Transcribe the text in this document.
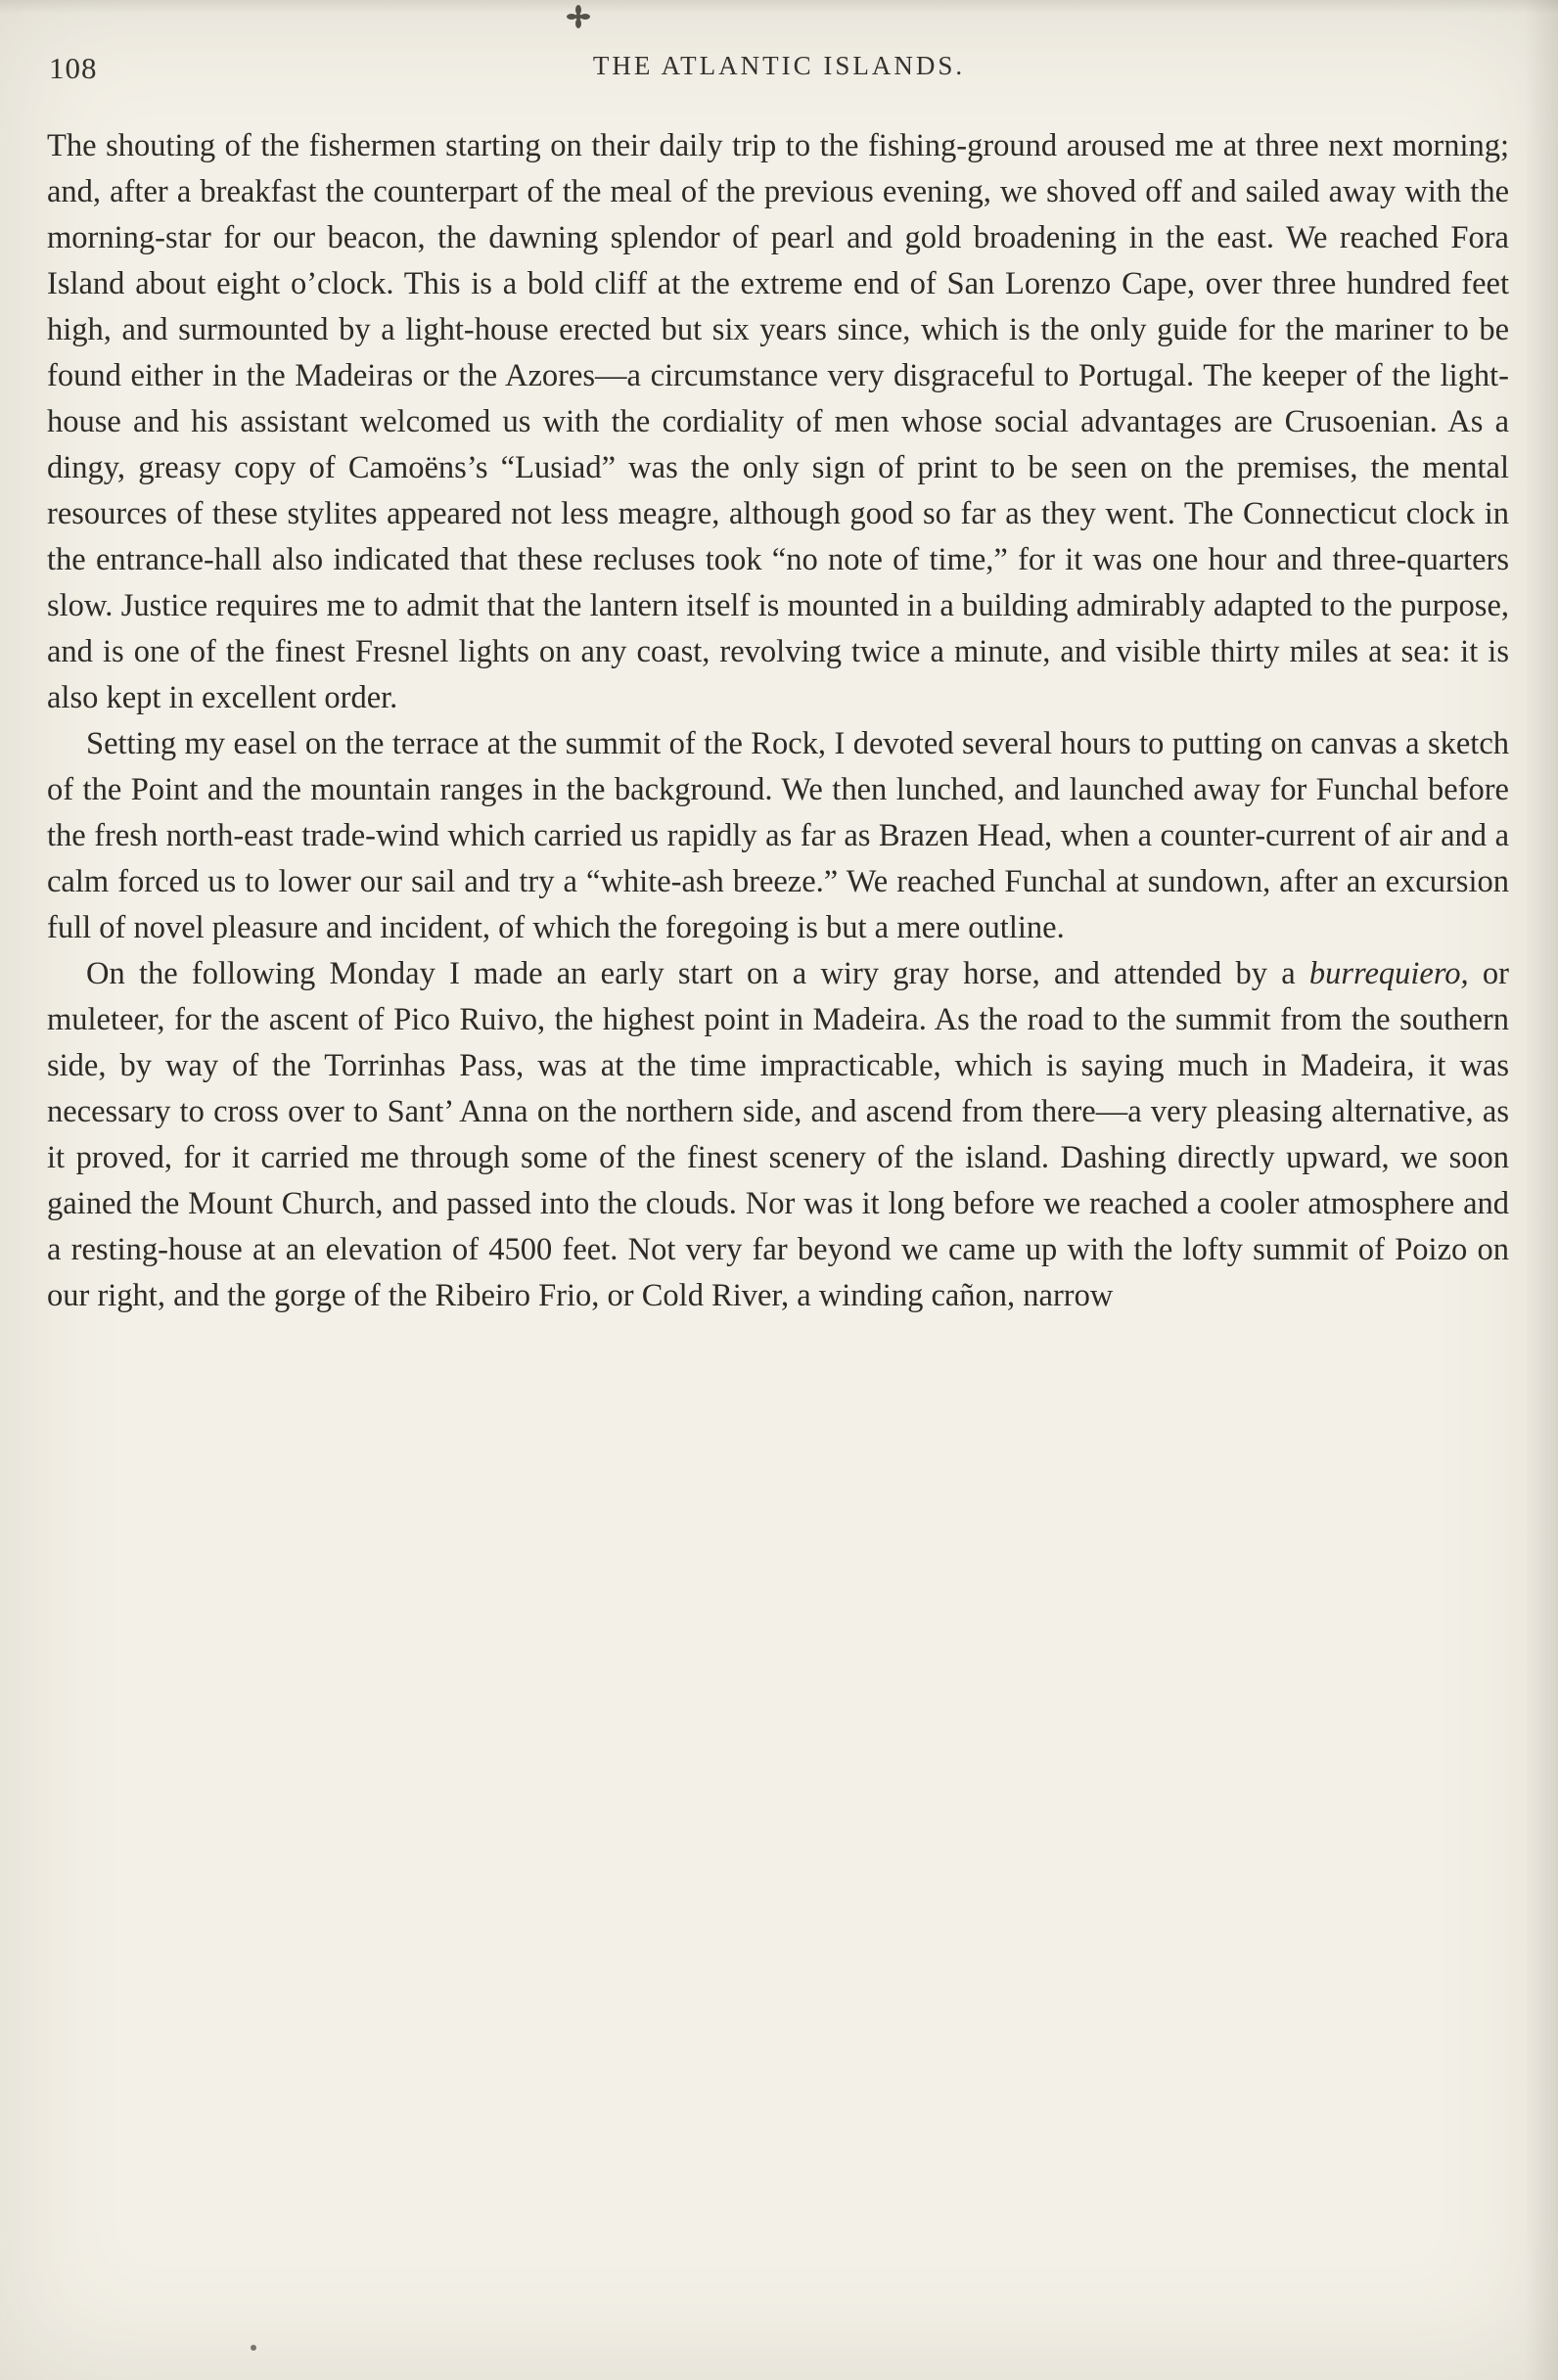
THE ATLANTIC ISLANDS.
108

The shouting of the fishermen starting on their daily trip to the fishing-ground aroused me at three next morning; and, after a breakfast the counterpart of the meal of the previous evening, we shoved off and sailed away with the morning-star for our beacon, the dawning splendor of pearl and gold broadening in the east. We reached Fora Island about eight o’clock. This is a bold cliff at the extreme end of San Lorenzo Cape, over three hundred feet high, and surmounted by a light-house erected but six years since, which is the only guide for the mariner to be found either in the Madeiras or the Azores—a circumstance very disgraceful to Portugal. The keeper of the light-house and his assistant welcomed us with the cordiality of men whose social advantages are Crusoenian. As a dingy, greasy copy of Camoëns’s “Lusiad” was the only sign of print to be seen on the premises, the mental resources of these stylites appeared not less meagre, although good so far as they went. The Connecticut clock in the entrance-hall also indicated that these recluses took “no note of time,” for it was one hour and three-quarters slow. Justice requires me to admit that the lantern itself is mounted in a building admirably adapted to the purpose, and is one of the finest Fresnel lights on any coast, revolving twice a minute, and visible thirty miles at sea: it is also kept in excellent order.

Setting my easel on the terrace at the summit of the Rock, I devoted several hours to putting on canvas a sketch of the Point and the mountain ranges in the background. We then lunched, and launched away for Funchal before the fresh north-east trade-wind which carried us rapidly as far as Brazen Head, when a counter-current of air and a calm forced us to lower our sail and try a “white-ash breeze.” We reached Funchal at sundown, after an excursion full of novel pleasure and incident, of which the foregoing is but a mere outline.

On the following Monday I made an early start on a wiry gray horse, and attended by a burrequiero, or muleteer, for the ascent of Pico Ruivo, the highest point in Madeira. As the road to the summit from the southern side, by way of the Torrinhas Pass, was at the time impracticable, which is saying much in Madeira, it was necessary to cross over to Sant’ Anna on the northern side, and ascend from there—a very pleasing alternative, as it proved, for it carried me through some of the finest scenery of the island. Dashing directly upward, we soon gained the Mount Church, and passed into the clouds. Nor was it long before we reached a cooler atmosphere and a resting-house at an elevation of 4500 feet. Not very far beyond we came up with the lofty summit of Poizo on our right, and the gorge of the Ribeiro Frio, or Cold River, a winding cañon, narrow
